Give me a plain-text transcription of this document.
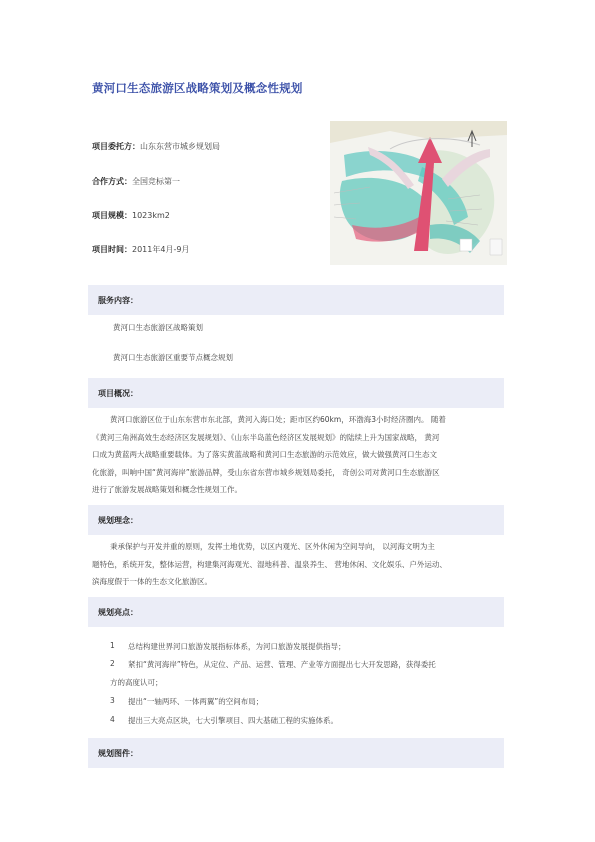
黄河口生态旅游区战略策划及概念性规划
项目委托方：山东东营市城乡规划局
合作方式：全国竞标第一
项目规模：1023km2
项目时间：2011年4月-9月
服务内容：
黄河口生态旅游区战略策划
黄河口生态旅游区重要节点概念规划
项目概况：
黄河口旅游区位于山东东营市东北部，黄河入海口处；距市区约60km，环渤海3小时经济圈内。 随着
《黄河三角洲高效生态经济区发展规划》、《山东半岛蓝色经济区发展规划》的陆续上升为国家战略， 黄河
口成为黄蓝两大战略重要载体。为了落实黄蓝战略和黄河口生态旅游的示范效应，做大做强黄河口生态文
化旅游，叫响中国“黄河海岸”旅游品牌，受山东省东营市城乡规划局委托， 奇创公司对黄河口生态旅游区
进行了旅游发展战略策划和概念性规划工作。
规划理念：
秉承保护与开发并重的原则，发挥土地优势，以区内观光、区外休闲为空间导向， 以河海文明为主
题特色，系统开发，整体运营，构建集河海观光、湿地科普、温泉养生、 营地休闲、文化娱乐、户外运动、
滨海度假于一体的生态文化旅游区。
规划亮点：
1 总结构建世界河口旅游发展指标体系，为河口旅游发展提供指导；
2 紧扣“黄河海岸”特色，从定位、产品、运营、管理、产业等方面提出七大开发思路，获得委托
方的高度认可；
3 提出“一轴两环、一体两翼”的空间布局；
4 提出三大亮点区块，七大引擎项目、四大基础工程的实施体系。
规划图件：
